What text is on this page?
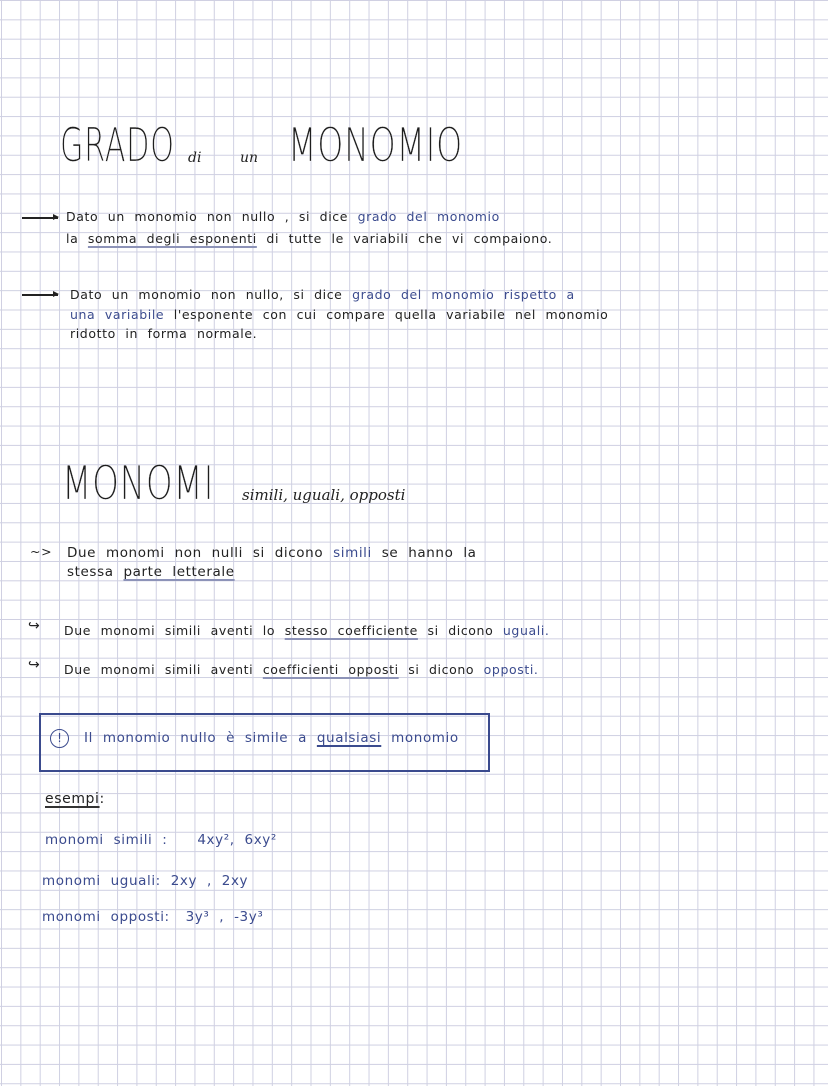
GRADO di	un MONOMIO
Dato un monomio non nullo , si dice grado del monomio
la somma degli esponenti di tutte le variabili che vi compaiono.
Dato un monomio non nullo, si dice grado del monomio rispetto a
una variabile l'esponente con cui compare quella variabile nel monomio
ridotto in forma normale.
MONOMI simili, uguali, opposti
~> Due monomi non nulli si dicono simili se hanno la
stessa parte letterale
↪ Due monomi simili aventi lo stesso coefficiente si dicono uguali.
↪ Due monomi simili aventi coefficienti opposti si dicono opposti.
!	Il monomio nullo è simile a qualsiasi monomio
esempi:
monomi simili : 4xy², 6xy²
monomi uguali: 2xy , 2xy
monomi opposti: 3y³ , -3y³
